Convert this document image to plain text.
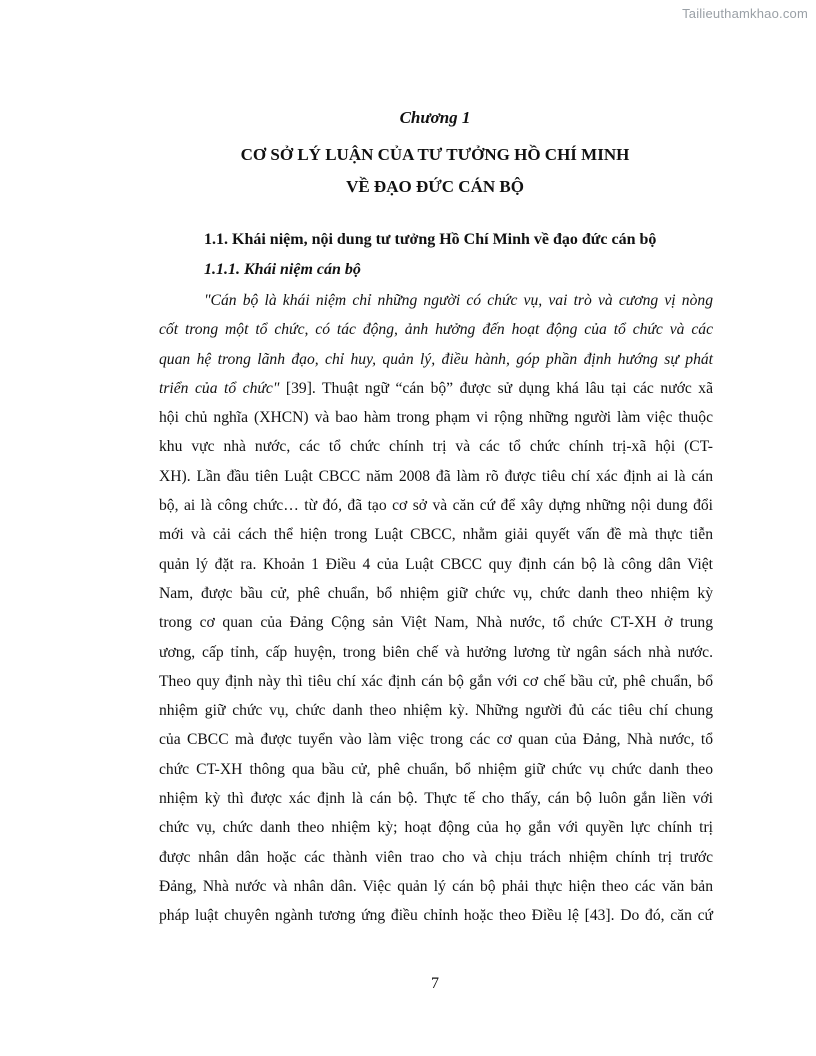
Tailieuthamkhao.com
Chương 1
CƠ SỞ LÝ LUẬN CỦA TƯ TƯỞNG HỒ CHÍ MINH
VỀ ĐẠO ĐỨC CÁN BỘ
1.1. Khái niệm, nội dung tư tưởng Hồ Chí Minh về đạo đức cán bộ
1.1.1. Khái niệm cán bộ
"Cán bộ là khái niệm chỉ những người có chức vụ, vai trò và cương vị nòng
cốt trong một tổ chức, có tác động, ảnh hưởng đến hoạt động của tổ chức và các
quan hệ trong lãnh đạo, chỉ huy, quản lý, điều hành, góp phần định hướng sự phát
triển của tổ chức" [39]. Thuật ngữ “cán bộ” được sử dụng khá lâu tại các nước xã
hội chủ nghĩa (XHCN) và bao hàm trong phạm vi rộng những người làm việc thuộc
khu vực nhà nước, các tổ chức chính trị và các tổ chức chính trị-xã hội (CT-
XH). Lần đầu tiên Luật CBCC năm 2008 đã làm rõ được tiêu chí xác định ai là cán
bộ, ai là công chức… từ đó, đã tạo cơ sở và căn cứ để xây dựng những nội dung đổi
mới và cải cách thể hiện trong Luật CBCC, nhằm giải quyết vấn đề mà thực tiễn
quản lý đặt ra. Khoản 1 Điều 4 của Luật CBCC quy định cán bộ là công dân Việt
Nam, được bầu cử, phê chuẩn, bổ nhiệm giữ chức vụ, chức danh theo nhiệm kỳ
trong cơ quan của Đảng Cộng sản Việt Nam, Nhà nước, tổ chức CT-XH ở trung
ương, cấp tỉnh, cấp huyện, trong biên chế và hưởng lương từ ngân sách nhà nước.
Theo quy định này thì tiêu chí xác định cán bộ gắn với cơ chế bầu cử, phê chuẩn, bổ
nhiệm giữ chức vụ, chức danh theo nhiệm kỳ. Những người đủ các tiêu chí chung
của CBCC mà được tuyển vào làm việc trong các cơ quan của Đảng, Nhà nước, tổ
chức CT-XH thông qua bầu cử, phê chuẩn, bổ nhiệm giữ chức vụ chức danh theo
nhiệm kỳ thì được xác định là cán bộ. Thực tế cho thấy, cán bộ luôn gắn liền với
chức vụ, chức danh theo nhiệm kỳ; hoạt động của họ gắn với quyền lực chính trị
được nhân dân hoặc các thành viên trao cho và chịu trách nhiệm chính trị trước
Đảng, Nhà nước và nhân dân. Việc quản lý cán bộ phải thực hiện theo các văn bản
pháp luật chuyên ngành tương ứng điều chỉnh hoặc theo Điều lệ [43]. Do đó, căn cứ
7
